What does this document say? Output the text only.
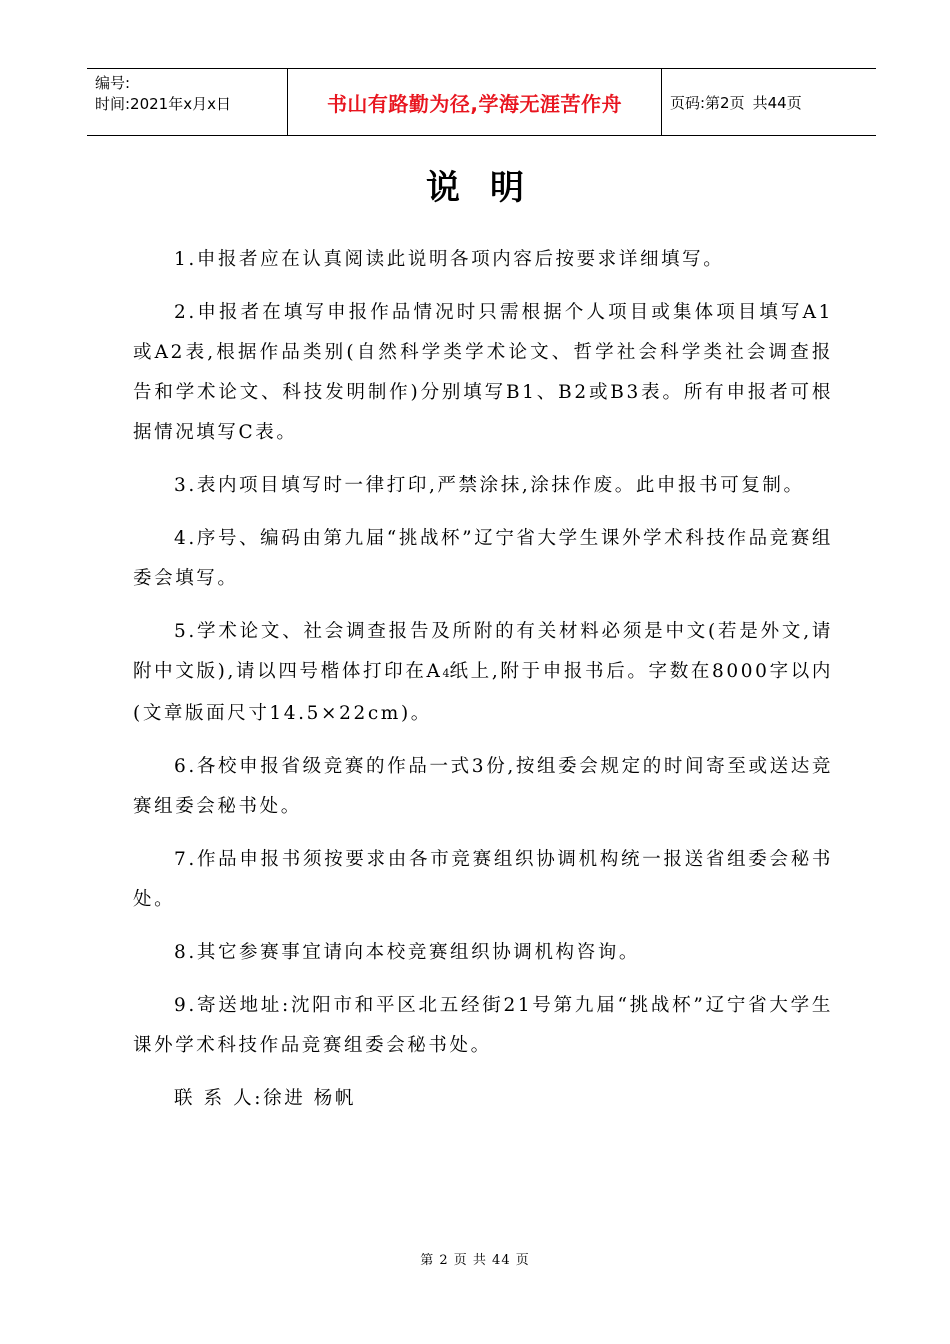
编号:
时间:2021年x月x日	书山有路勤为径,学海无涯苦作舟	页码:第2页 共44页
说明

1.申报者应在认真阅读此说明各项内容后按要求详细填写。

2.申报者在填写申报作品情况时只需根据个人项目或集体项目填写A1或A2表,根据作品类别(自然科学类学术论文、哲学社会科学类社会调查报告和学术论文、科技发明制作)分别填写B1、B2或B3表。所有申报者可根据情况填写C表。

3.表内项目填写时一律打印,严禁涂抹,涂抹作废。此申报书可复制。

4.序号、编码由第九届“挑战杯”辽宁省大学生课外学术科技作品竞赛组委会填写。

5.学术论文、社会调查报告及所附的有关材料必须是中文(若是外文,请附中文版),请以四号楷体打印在A4纸上,附于申报书后。字数在8000字以内(文章版面尺寸14.5×22cm)。

6.各校申报省级竞赛的作品一式3份,按组委会规定的时间寄至或送达竞赛组委会秘书处。

7.作品申报书须按要求由各市竞赛组织协调机构统一报送省组委会秘书处。

8.其它参赛事宜请向本校竞赛组织协调机构咨询。

9.寄送地址:沈阳市和平区北五经街21号第九届“挑战杯”辽宁省大学生课外学术科技作品竞赛组委会秘书处。

联 系 人:徐进 杨帆

第 2 页 共 44 页
